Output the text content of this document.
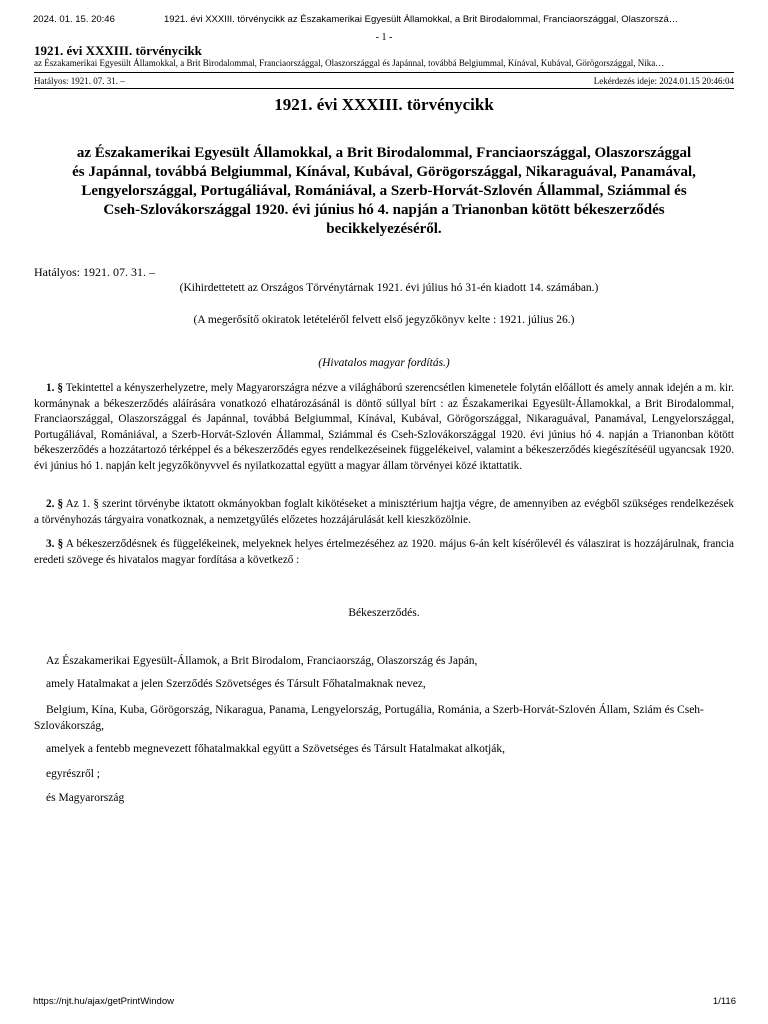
2024. 01. 15. 20:46	1921. évi XXXIII. törvénycikk az Északamerikai Egyesült Államokkal, a Brit Birodalommal, Franciaországgal, Olaszorszá…
- 1 -
1921. évi XXXIII. törvénycikk
az Északamerikai Egyesült Államokkal, a Brit Birodalommal, Franciaországgal, Olaszországgal és Japánnal, továbbá Belgiummal, Kínával, Kubával, Görögországgal, Nika…
Hatályos: 1921. 07. 31. –	Lekérdezés ideje: 2024.01.15 20:46:04
1921. évi XXXIII. törvénycikk
az Északamerikai Egyesült Államokkal, a Brit Birodalommal, Franciaországgal, Olaszországgal
és Japánnal, továbbá Belgiummal, Kínával, Kubával, Görögországgal, Nikaraguával, Panamával,
Lengyelországgal, Portugáliával, Romániával, a Szerb-Horvát-Szlovén Állammal, Sziámmal és
Cseh-Szlovákországgal 1920. évi június hó 4. napján a Trianonban kötött békeszerződés
becikkelyezéséről.
Hatályos: 1921. 07. 31. –
(Kihirdettetett az Országos Törvénytárnak 1921. évi július hó 31-én kiadott 14. számában.)
(A megerősítő okiratok letételéről felvett első jegyzőkönyv kelte : 1921. július 26.)
(Hivatalos magyar fordítás.)
1. § Tekintettel a kényszerhelyzetre, mely Magyarországra nézve a világháború szerencsétlen kimenetele folytán előállott és amely annak idején a m. kir. kormánynak a békeszerződés aláírására vonatkozó elhatározásánál is döntő súllyal bírt : az Északamerikai Egyesült-Államokkal, a Brit Birodalommal, Franciaországgal, Olaszországgal és Japánnal, továbbá Belgiummal, Kínával, Kubával, Görögországgal, Nikaraguával, Panamával, Lengyelországgal, Portugáliával, Romániával, a Szerb-Horvát-Szlovén Állammal, Sziámmal és Cseh-Szlovákországgal 1920. évi június hó 4. napján a Trianonban kötött békeszerződés a hozzátartozó térképpel és a békeszerződés egyes rendelkezéseinek függelékeivel, valamint a békeszerződés kiegészítéséül ugyancsak 1920. évi június hó 1. napján kelt jegyzőkönyvvel és nyilatkozattal együtt a magyar állam törvényei közé iktattatik.
2. § Az 1. § szerint törvénybe iktatott okmányokban foglalt kikötéseket a minisztérium hajtja végre, de amennyiben az evégből szükséges rendelkezések a törvényhozás tárgyaira vonatkoznak, a nemzetgyűlés előzetes hozzájárulását kell kieszközölnie.
3. § A békeszerződésnek és függelékeinek, melyeknek helyes értelmezéséhez az 1920. május 6-án kelt kísérőlevél és válaszirat is hozzájárulnak, francia eredeti szövege és hivatalos magyar fordítása a következő :
Békeszerződés.
Az Északamerikai Egyesült-Államok, a Brit Birodalom, Franciaország, Olaszország és Japán,
amely Hatalmakat a jelen Szerződés Szövetséges és Társult Főhatalmaknak nevez,
Belgium, Kína, Kuba, Görögország, Nikaragua, Panama, Lengyelország, Portugália, Románia, a Szerb-Horvát-Szlovén Állam, Sziám és Cseh-Szlovákország,
amelyek a fentebb megnevezett főhatalmakkal együtt a Szövetséges és Társult Hatalmakat alkotják,
egyrészről ;
és Magyarország
https://njt.hu/ajax/getPrintWindow	1/116
